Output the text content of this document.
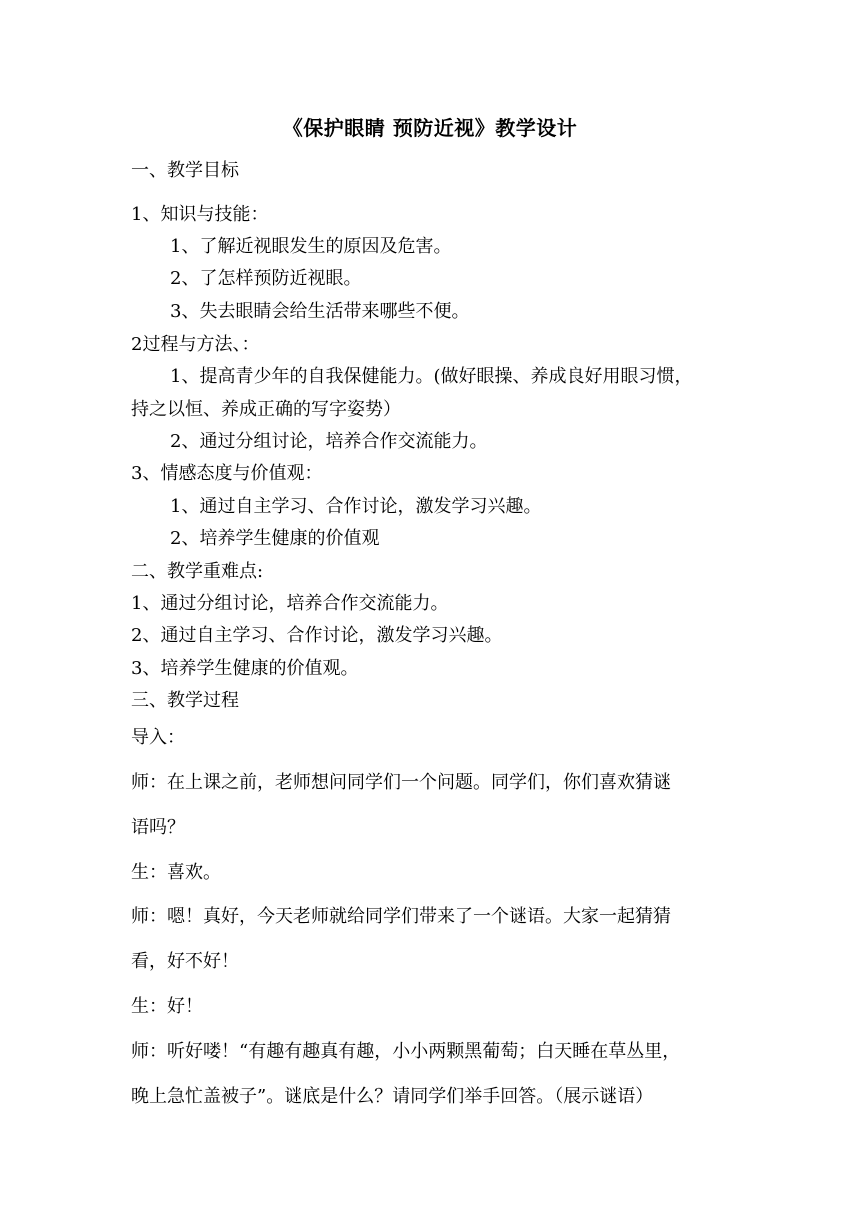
《保护眼睛 预防近视》教学设计
一、教学目标
1、知识与技能：
1、了解近视眼发生的原因及危害。
2、了怎样预防近视眼。
3、失去眼睛会给生活带来哪些不便。
2过程与方法、：
1、提高青少年的自我保健能力。(做好眼操、养成良好用眼习惯，
持之以恒、养成正确的写字姿势）
2、通过分组讨论，培养合作交流能力。
3、情感态度与价值观：
1、通过自主学习、合作讨论，激发学习兴趣。
2、培养学生健康的价值观
二、教学重难点:
1、通过分组讨论，培养合作交流能力。
2、通过自主学习、合作讨论，激发学习兴趣。
3、培养学生健康的价值观。
三、教学过程
导入：
师：在上课之前，老师想问同学们一个问题。同学们，你们喜欢猜谜
语吗？
生：喜欢。
师：嗯！真好，今天老师就给同学们带来了一个谜语。大家一起猜猜
看，好不好！
生：好！
师：听好喽！“有趣有趣真有趣，小小两颗黑葡萄；白天睡在草丛里，
晚上急忙盖被子”。谜底是什么？请同学们举手回答。（展示谜语）
